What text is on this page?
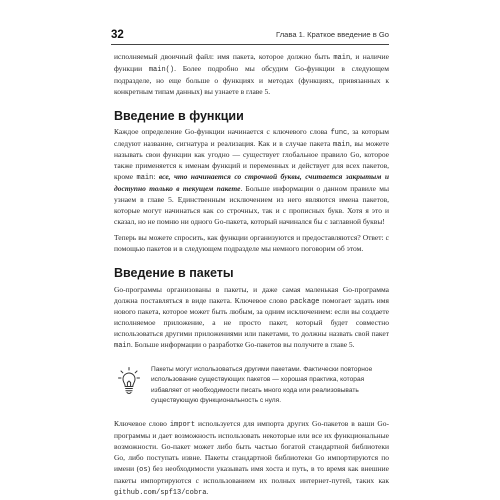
32	Глава 1. Краткое введение в Go

исполняемый двоичный файл: имя пакета, которое должно быть main, и наличие функции main(). Более подробно мы обсудим Go-функции в следующем подразделе, но еще больше о функциях и методах (функциях, привязанных к конкретным типам данных) вы узнаете в главе 5.

Введение в функции

Каждое определение Go-функции начинается с ключевого слова func, за которым следуют название, сигнатура и реализация. Как и в случае пакета main, вы можете называть свои функции как угодно — существует глобальное правило Go, которое также применяется к именам функций и переменных и действует для всех пакетов, кроме main: все, что начинается со строчной буквы, считается закрытым и доступно только в текущем пакете. Больше информации о данном правиле мы узнаем в главе 5. Единственным исключением из него являются имена пакетов, которые могут начинаться как со строчных, так и с прописных букв. Хотя я это и сказал, но не помню ни одного Go-пакета, который начинался бы с заглавной буквы!

Теперь вы можете спросить, как функции организуются и предоставляются? Ответ: с помощью пакетов и в следующем подразделе мы немного поговорим об этом.

Введение в пакеты

Go-программы организованы в пакеты, и даже самая маленькая Go-программа должна поставляться в виде пакета. Ключевое слово package помогает задать имя нового пакета, которое может быть любым, за одним исключением: если вы создаете исполняемое приложение, а не просто пакет, который будет совместно использоваться другими приложениями или пакетами, то должны назвать свой пакет main. Больше информации о разработке Go-пакетов вы получите в главе 5.

Пакеты могут использоваться другими пакетами. Фактически повторное использование существующих пакетов — хорошая практика, которая избавляет от необходимости писать много кода или реализовывать существующую функциональность с нуля.

Ключевое слово import используется для импорта других Go-пакетов в ваши Go-программы и дает возможность использовать некоторые или все их функциональные возможности. Go-пакет может либо быть частью богатой стандартной библиотеки Go, либо поступать извне. Пакеты стандартной библиотеки Go импортируются по имени (os) без необходимости указывать имя хоста и путь, в то время как внешние пакеты импортируются с использованием их полных интернет-путей, таких как github.com/spf13/cobra.
